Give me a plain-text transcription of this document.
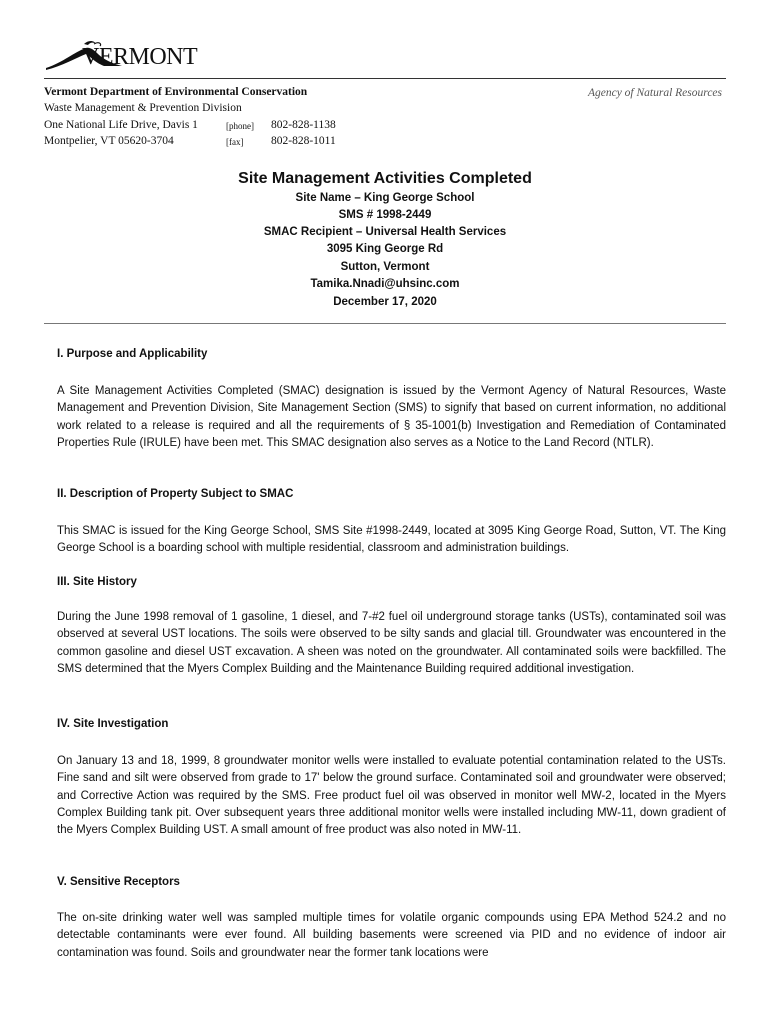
VERMONT
Vermont Department of Environmental Conservation
Waste Management & Prevention Division
One National Life Drive, Davis 1
Montpelier, VT 05620-3704
[phone]
[fax]
802-828-1138
802-828-1011
Agency of Natural Resources
Site Management Activities Completed
Site Name – King George School
SMS # 1998-2449
SMAC Recipient – Universal Health Services
3095 King George Rd
Sutton, Vermont
Tamika.Nnadi@uhsinc.com
December 17, 2020
I. Purpose and Applicability

A Site Management Activities Completed (SMAC) designation is issued by the Vermont Agency of Natural Resources, Waste Management and Prevention Division, Site Management Section (SMS) to signify that based on current information, no additional work related to a release is required and all the requirements of § 35-1001(b) Investigation and Remediation of Contaminated Properties Rule (IRULE) have been met. This SMAC designation also serves as a Notice to the Land Record (NTLR).

II. Description of Property Subject to SMAC

This SMAC is issued for the King George School, SMS Site #1998-2449, located at 3095 King George Road, Sutton, VT. The King George School is a boarding school with multiple residential, classroom and administration buildings.

III. Site History

During the June 1998 removal of 1 gasoline, 1 diesel, and 7-#2 fuel oil underground storage tanks (USTs), contaminated soil was observed at several UST locations. The soils were observed to be silty sands and glacial till. Groundwater was encountered in the common gasoline and diesel UST excavation. A sheen was noted on the groundwater. All contaminated soils were backfilled. The SMS determined that the Myers Complex Building and the Maintenance Building required additional investigation.

IV. Site Investigation

On January 13 and 18, 1999, 8 groundwater monitor wells were installed to evaluate potential contamination related to the USTs. Fine sand and silt were observed from grade to 17' below the ground surface. Contaminated soil and groundwater were observed; and Corrective Action was required by the SMS. Free product fuel oil was observed in monitor well MW-2, located in the Myers Complex Building tank pit. Over subsequent years three additional monitor wells were installed including MW-11, down gradient of the Myers Complex Building UST. A small amount of free product was also noted in MW-11.

V. Sensitive Receptors

The on-site drinking water well was sampled multiple times for volatile organic compounds using EPA Method 524.2 and no detectable contaminants were ever found. All building basements were screened via PID and no evidence of indoor air contamination was found. Soils and groundwater near the former tank locations were
